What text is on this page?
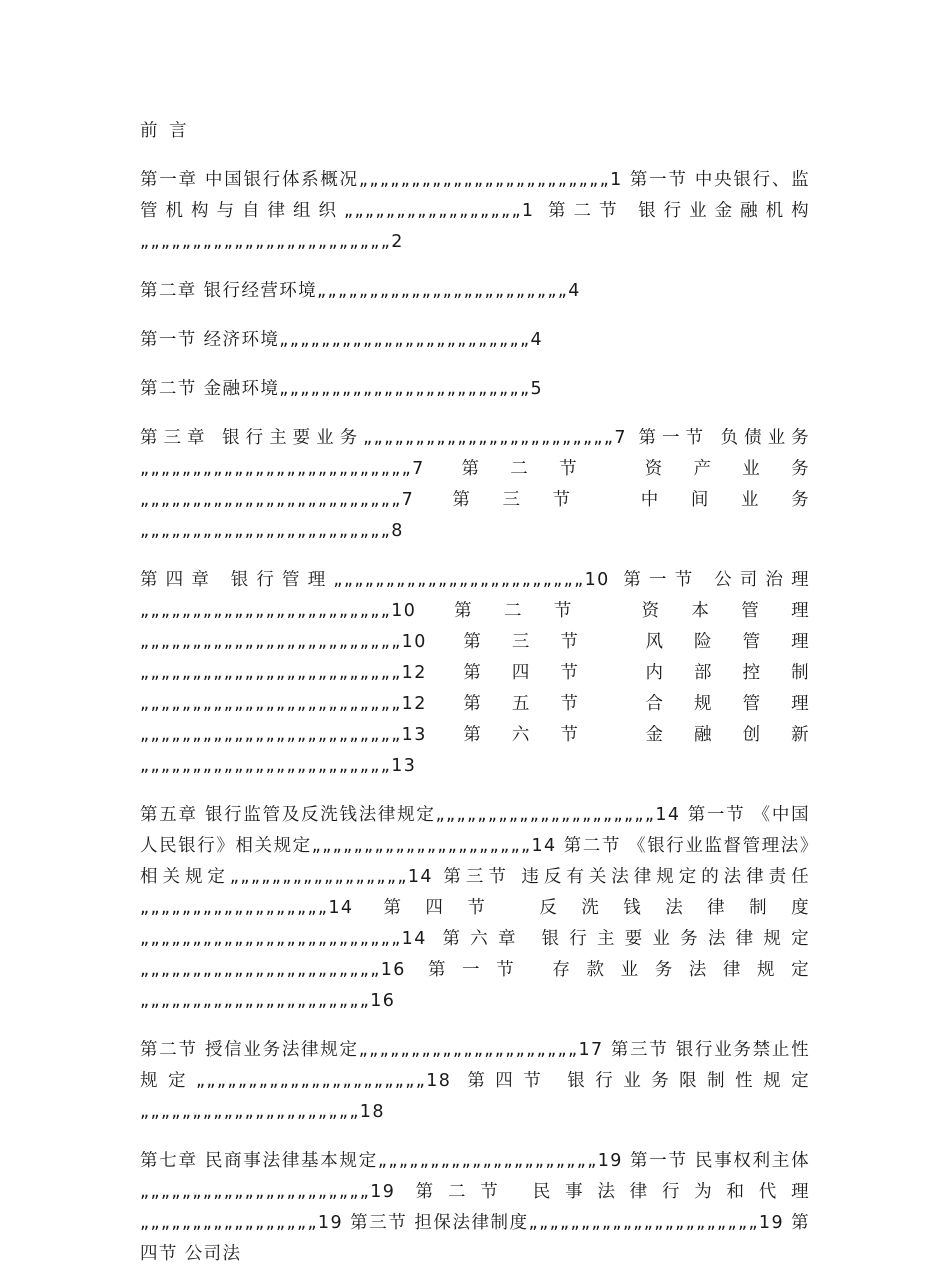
前 言

第一章 中国银行体系概况„„„„„„„„„„„„„„„„„„„„„„„„1 第一节 中央银行、监管机构与自律组织„„„„„„„„„„„„„„„„„1 第二节 银行业金融机构„„„„„„„„„„„„„„„„„„„„„„„„2

第二章 银行经营环境„„„„„„„„„„„„„„„„„„„„„„„„4

第一节 经济环境„„„„„„„„„„„„„„„„„„„„„„„„4

第二节 金融环境„„„„„„„„„„„„„„„„„„„„„„„„5

第三章 银行主要业务„„„„„„„„„„„„„„„„„„„„„„„„7 第一节 负债业务„„„„„„„„„„„„„„„„„„„„„„„„„„7 第二节 资产业务„„„„„„„„„„„„„„„„„„„„„„„„„7 第三节 中间业务„„„„„„„„„„„„„„„„„„„„„„„„8

第四章 银行管理„„„„„„„„„„„„„„„„„„„„„„„„10 第一节 公司治理 „„„„„„„„„„„„„„„„„„„„„„„„10 第二节 资本管理„„„„„„„„„„„„„„„„„„„„„„„„„10 第三节 风险管理„„„„„„„„„„„„„„„„„„„„„„„„„12 第四节 内部控制„„„„„„„„„„„„„„„„„„„„„„„„„12 第五节 合规管理„„„„„„„„„„„„„„„„„„„„„„„„„13 第六节 金融创新 „„„„„„„„„„„„„„„„„„„„„„„„13

第五章 银行监管及反洗钱法律规定„„„„„„„„„„„„„„„„„„„„„14 第一节 《中国人民银行》相关规定„„„„„„„„„„„„„„„„„„„„„14 第二节 《银行业监督管理法》相关规定„„„„„„„„„„„„„„„„„14 第三节 违反有关法律规定的法律责任„„„„„„„„„„„„„„„„„„14 第四节 反洗钱法律制度„„„„„„„„„„„„„„„„„„„„„„„„„14 第六章 银行主要业务法律规定„„„„„„„„„„„„„„„„„„„„„„„16 第一节 存款业务法律规定„„„„„„„„„„„„„„„„„„„„„„16

第二节 授信业务法律规定„„„„„„„„„„„„„„„„„„„„„17 第三节 银行业务禁止性规定„„„„„„„„„„„„„„„„„„„„„„18 第四节 银行业务限制性规定„„„„„„„„„„„„„„„„„„„„„18

第七章 民商事法律基本规定„„„„„„„„„„„„„„„„„„„„„19 第一节 民事权利主体„„„„„„„„„„„„„„„„„„„„„„19 第二节 民事法律行为和代理„„„„„„„„„„„„„„„„„19 第三节 担保法律制度„„„„„„„„„„„„„„„„„„„„„„19 第四节 公司法
